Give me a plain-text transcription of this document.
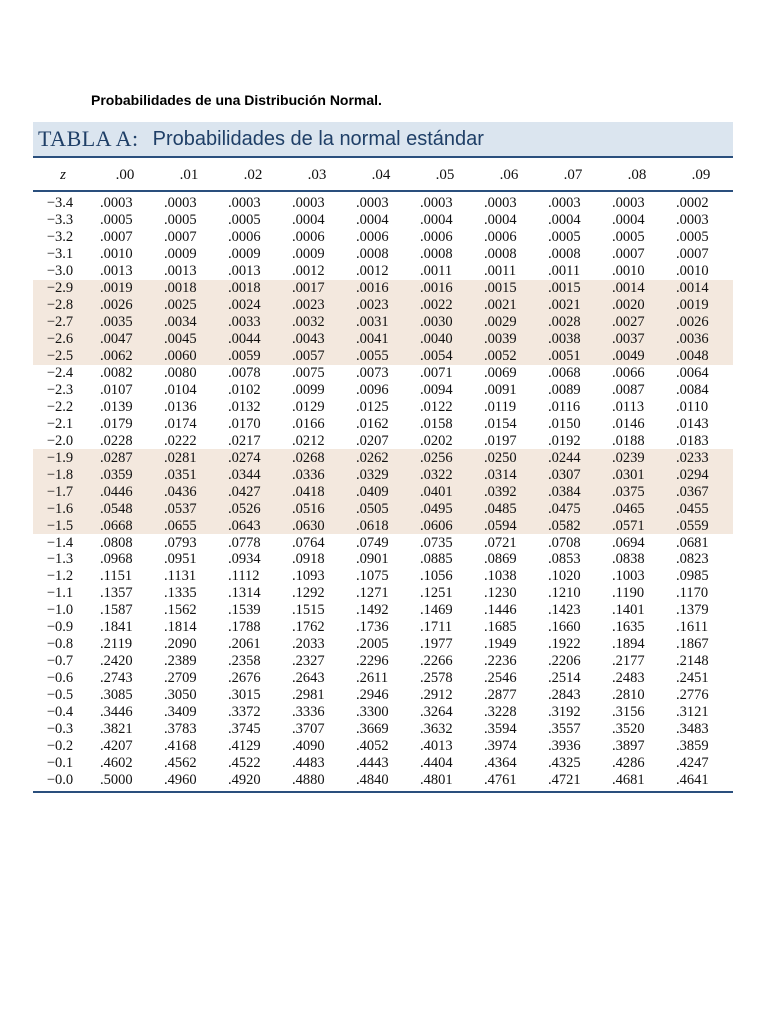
Probabilidades de una Distribución Normal.
TABLA A: Probabilidades de la normal estándar
z	.00	.01	.02	.03	.04	.05	.06	.07	.08	.09
−3.4	.0003	.0003	.0003	.0003	.0003	.0003	.0003	.0003	.0003	.0002
−3.3	.0005	.0005	.0005	.0004	.0004	.0004	.0004	.0004	.0004	.0003
−3.2	.0007	.0007	.0006	.0006	.0006	.0006	.0006	.0005	.0005	.0005
−3.1	.0010	.0009	.0009	.0009	.0008	.0008	.0008	.0008	.0007	.0007
−3.0	.0013	.0013	.0013	.0012	.0012	.0011	.0011	.0011	.0010	.0010
−2.9	.0019	.0018	.0018	.0017	.0016	.0016	.0015	.0015	.0014	.0014
−2.8	.0026	.0025	.0024	.0023	.0023	.0022	.0021	.0021	.0020	.0019
−2.7	.0035	.0034	.0033	.0032	.0031	.0030	.0029	.0028	.0027	.0026
−2.6	.0047	.0045	.0044	.0043	.0041	.0040	.0039	.0038	.0037	.0036
−2.5	.0062	.0060	.0059	.0057	.0055	.0054	.0052	.0051	.0049	.0048
−2.4	.0082	.0080	.0078	.0075	.0073	.0071	.0069	.0068	.0066	.0064
−2.3	.0107	.0104	.0102	.0099	.0096	.0094	.0091	.0089	.0087	.0084
−2.2	.0139	.0136	.0132	.0129	.0125	.0122	.0119	.0116	.0113	.0110
−2.1	.0179	.0174	.0170	.0166	.0162	.0158	.0154	.0150	.0146	.0143
−2.0	.0228	.0222	.0217	.0212	.0207	.0202	.0197	.0192	.0188	.0183
−1.9	.0287	.0281	.0274	.0268	.0262	.0256	.0250	.0244	.0239	.0233
−1.8	.0359	.0351	.0344	.0336	.0329	.0322	.0314	.0307	.0301	.0294
−1.7	.0446	.0436	.0427	.0418	.0409	.0401	.0392	.0384	.0375	.0367
−1.6	.0548	.0537	.0526	.0516	.0505	.0495	.0485	.0475	.0465	.0455
−1.5	.0668	.0655	.0643	.0630	.0618	.0606	.0594	.0582	.0571	.0559
−1.4	.0808	.0793	.0778	.0764	.0749	.0735	.0721	.0708	.0694	.0681
−1.3	.0968	.0951	.0934	.0918	.0901	.0885	.0869	.0853	.0838	.0823
−1.2	.1151	.1131	.1112	.1093	.1075	.1056	.1038	.1020	.1003	.0985
−1.1	.1357	.1335	.1314	.1292	.1271	.1251	.1230	.1210	.1190	.1170
−1.0	.1587	.1562	.1539	.1515	.1492	.1469	.1446	.1423	.1401	.1379
−0.9	.1841	.1814	.1788	.1762	.1736	.1711	.1685	.1660	.1635	.1611
−0.8	.2119	.2090	.2061	.2033	.2005	.1977	.1949	.1922	.1894	.1867
−0.7	.2420	.2389	.2358	.2327	.2296	.2266	.2236	.2206	.2177	.2148
−0.6	.2743	.2709	.2676	.2643	.2611	.2578	.2546	.2514	.2483	.2451
−0.5	.3085	.3050	.3015	.2981	.2946	.2912	.2877	.2843	.2810	.2776
−0.4	.3446	.3409	.3372	.3336	.3300	.3264	.3228	.3192	.3156	.3121
−0.3	.3821	.3783	.3745	.3707	.3669	.3632	.3594	.3557	.3520	.3483
−0.2	.4207	.4168	.4129	.4090	.4052	.4013	.3974	.3936	.3897	.3859
−0.1	.4602	.4562	.4522	.4483	.4443	.4404	.4364	.4325	.4286	.4247
−0.0	.5000	.4960	.4920	.4880	.4840	.4801	.4761	.4721	.4681	.4641
